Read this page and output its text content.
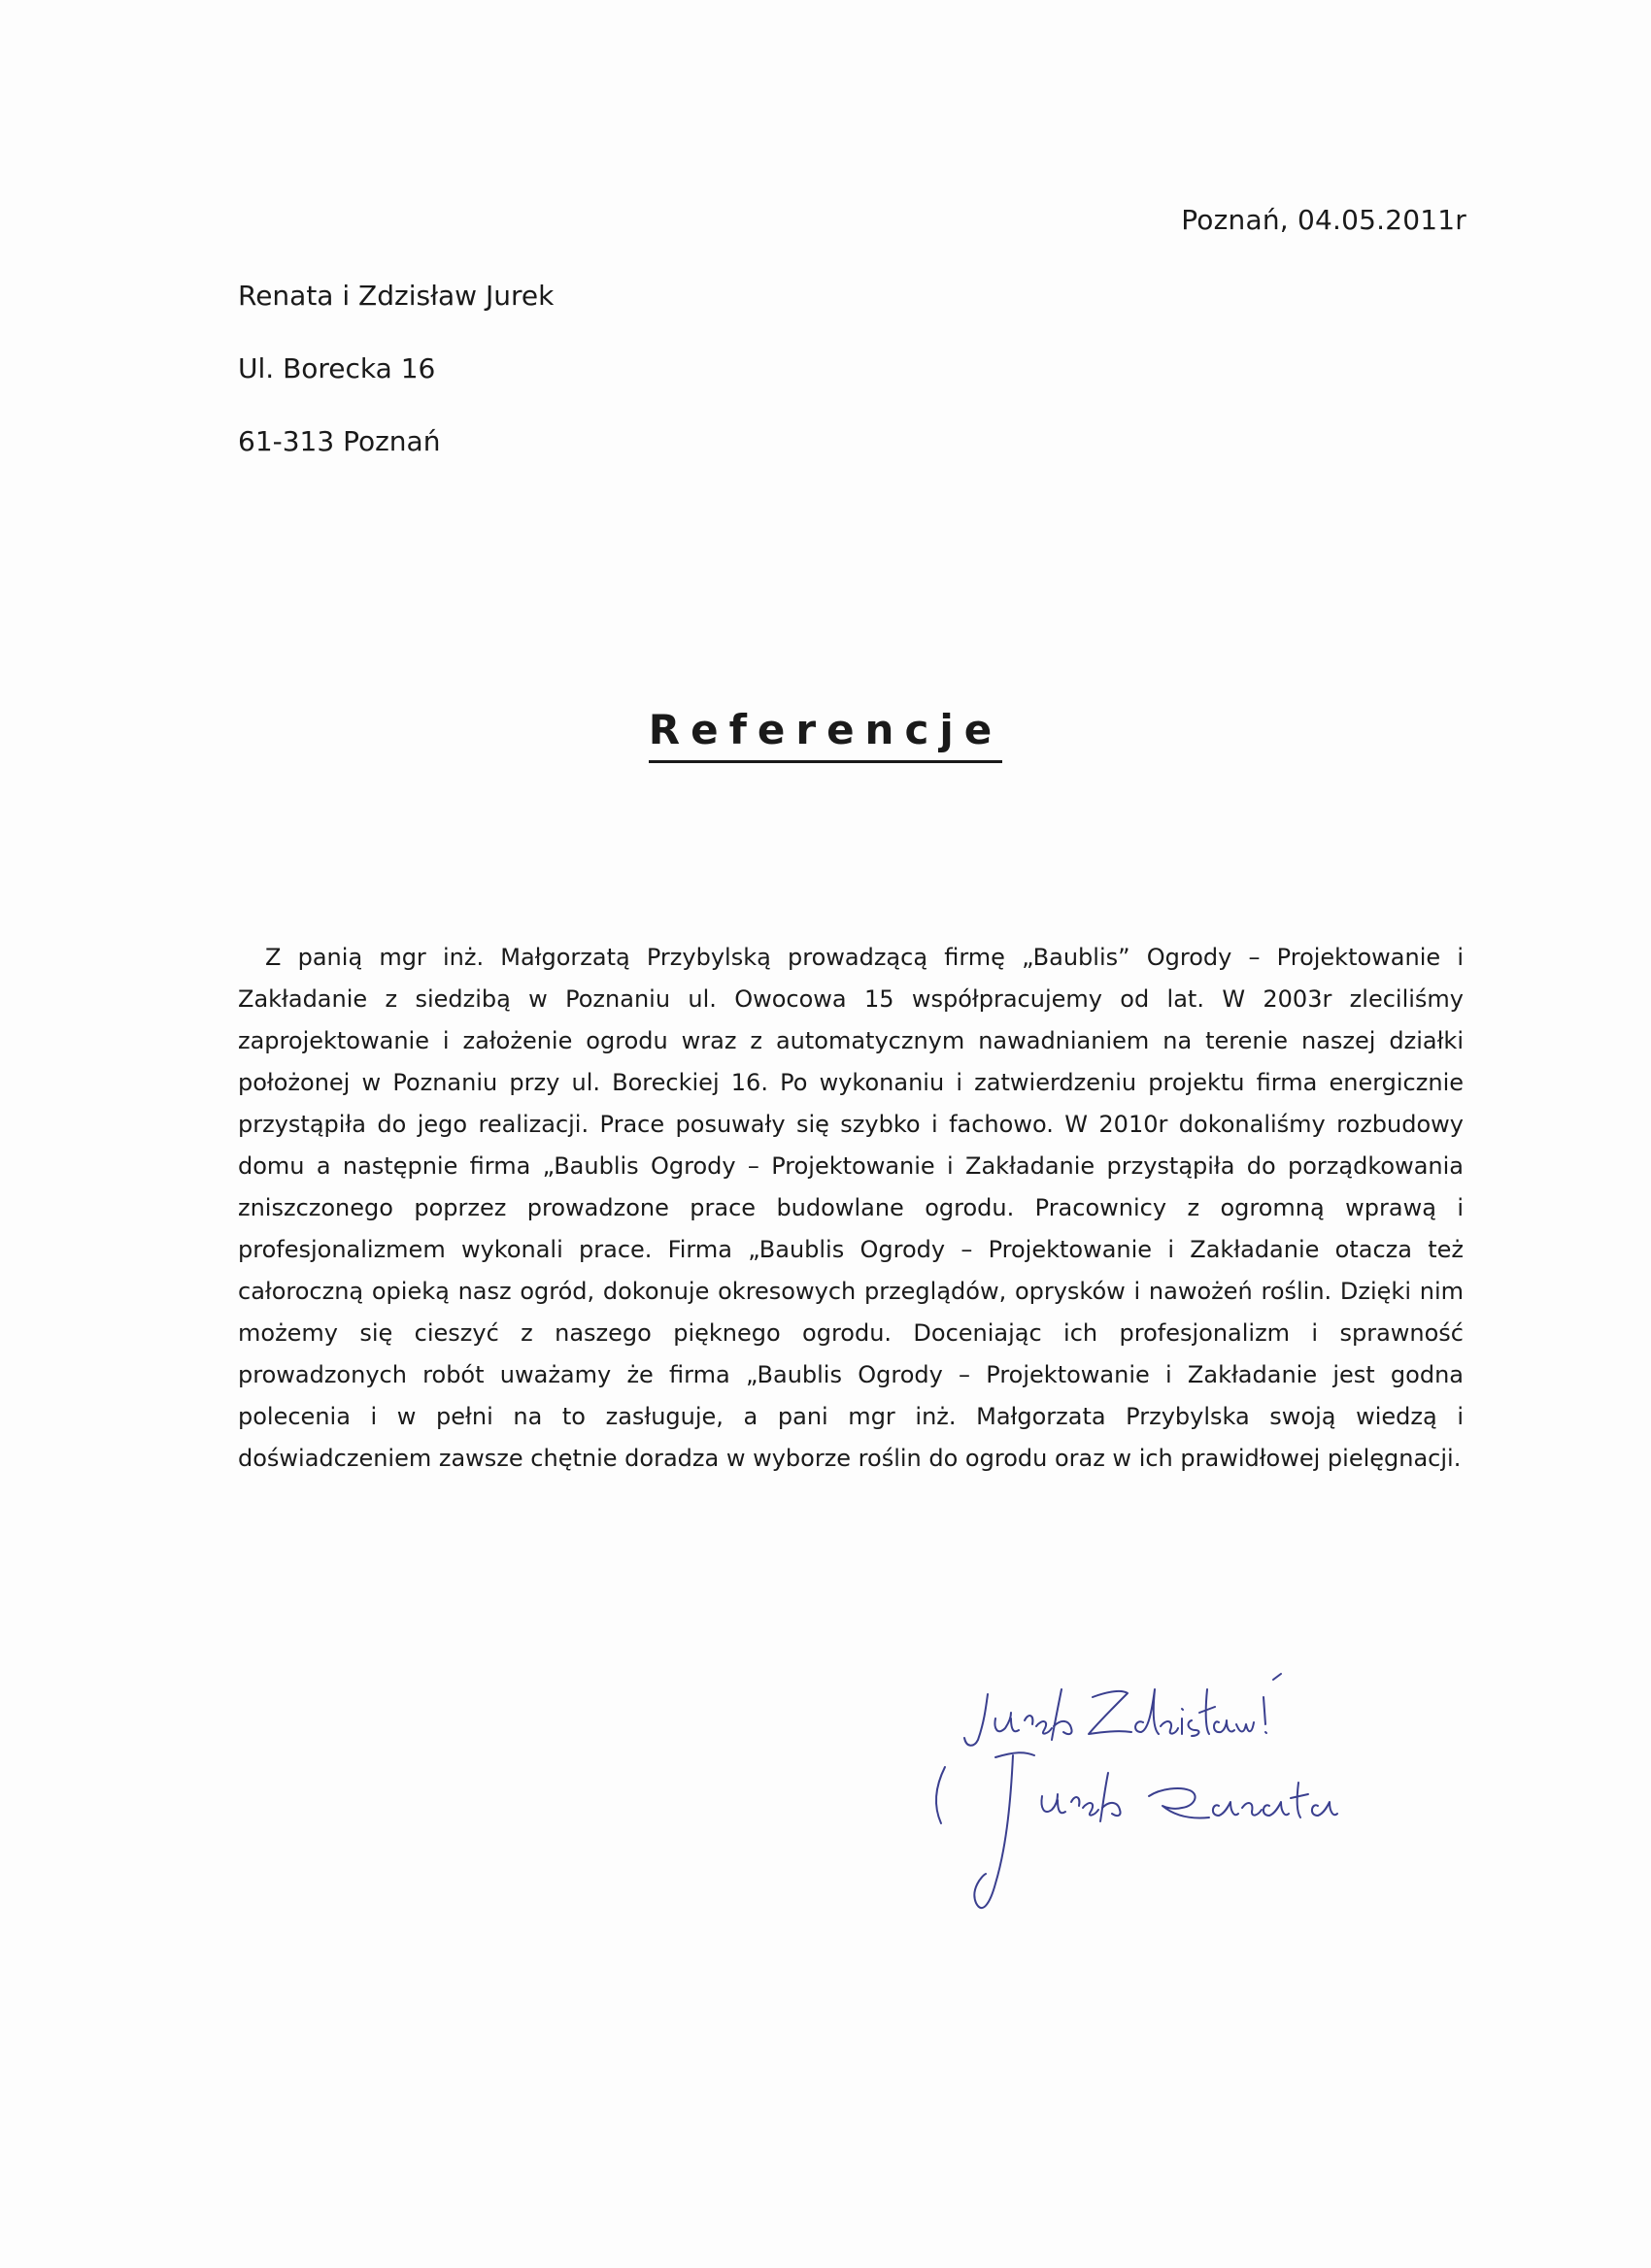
Poznań, 04.05.2011r
Renata i Zdzisław Jurek
Ul. Borecka 16
61-313 Poznań
Referencje
Z panią mgr inż. Małgorzatą Przybylską prowadzącą firmę „Baublis” Ogrody – Projektowanie i Zakładanie z siedzibą w Poznaniu ul. Owocowa 15 współpracujemy od lat. W 2003r zleciliśmy zaprojektowanie i założenie ogrodu wraz z automatycznym nawadnianiem na terenie naszej działki położonej w Poznaniu przy ul. Boreckiej 16. Po wykonaniu i zatwierdzeniu projektu firma energicznie przystąpiła do jego realizacji. Prace posuwały się szybko i fachowo. W 2010r dokonaliśmy rozbudowy domu a następnie firma „Baublis Ogrody – Projektowanie i Zakładanie przystąpiła do porządkowania zniszczonego poprzez prowadzone prace budowlane ogrodu. Pracownicy z ogromną wprawą i profesjonalizmem wykonali prace. Firma „Baublis Ogrody – Projektowanie i Zakładanie otacza też całoroczną opieką nasz ogród, dokonuje okresowych przeglądów, oprysków i nawożeń roślin. Dzięki nim możemy się cieszyć z naszego pięknego ogrodu. Doceniając ich profesjonalizm i sprawność prowadzonych robót uważamy że firma „Baublis Ogrody – Projektowanie i Zakładanie jest godna polecenia i w pełni na to zasługuje, a pani mgr inż. Małgorzata Przybylska swoją wiedzą i doświadczeniem zawsze chętnie doradza w wyborze roślin do ogrodu oraz w ich prawidłowej pielęgnacji.
